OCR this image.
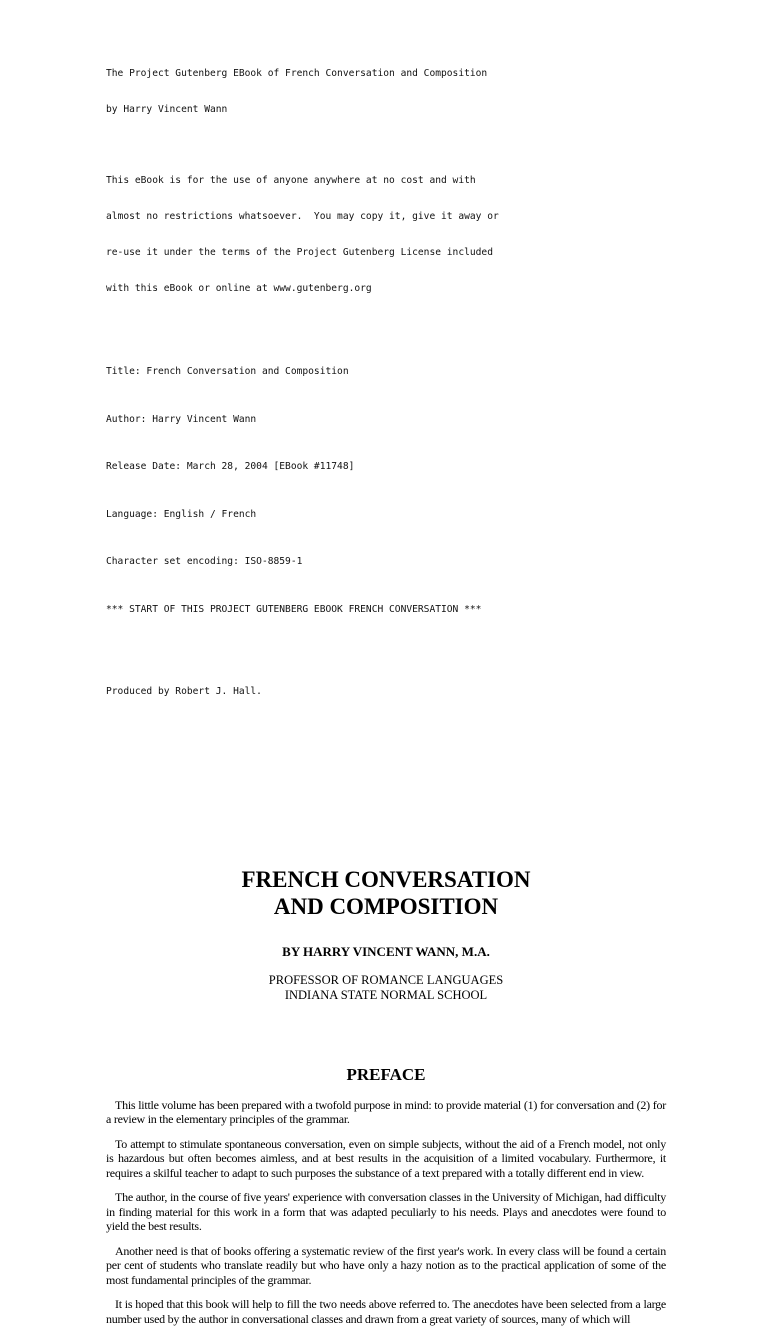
The Project Gutenberg EBook of French Conversation and Composition

by Harry Vincent Wann

This eBook is for the use of anyone anywhere at no cost and with

almost no restrictions whatsoever.  You may copy it, give it away or

re-use it under the terms of the Project Gutenberg License included

with this eBook or online at www.gutenberg.org

Title: French Conversation and Composition

Author: Harry Vincent Wann

Release Date: March 28, 2004 [EBook #11748]

Language: English / French

Character set encoding: ISO-8859-1

*** START OF THIS PROJECT GUTENBERG EBOOK FRENCH CONVERSATION ***

Produced by Robert J. Hall.

FRENCH CONVERSATION

AND COMPOSITION

BY HARRY VINCENT WANN, M.A.

PROFESSOR OF ROMANCE LANGUAGES

INDIANA STATE NORMAL SCHOOL

PREFACE

This little volume has been prepared with a twofold purpose in mind: to provide material (1) for conversation and (2) for a review in the elementary principles of the grammar.

To attempt to stimulate spontaneous conversation, even on simple subjects, without the aid of a French model, not only is hazardous but often becomes aimless, and at best results in the acquisition of a limited vocabulary. Furthermore, it requires a skilful teacher to adapt to such purposes the substance of a text prepared with a totally different end in view.

The author, in the course of five years' experience with conversation classes in the University of Michigan, had difficulty in finding material for this work in a form that was adapted peculiarly to his needs. Plays and anecdotes were found to yield the best results.

Another need is that of books offering a systematic review of the first year's work. In every class will be found a certain per cent of students who translate readily but who have only a hazy notion as to the practical application of some of the most fundamental principles of the grammar.

It is hoped that this book will help to fill the two needs above referred to. The anecdotes have been selected from a large number used by the author in conversational classes and drawn from a great variety of sources, many of which will
